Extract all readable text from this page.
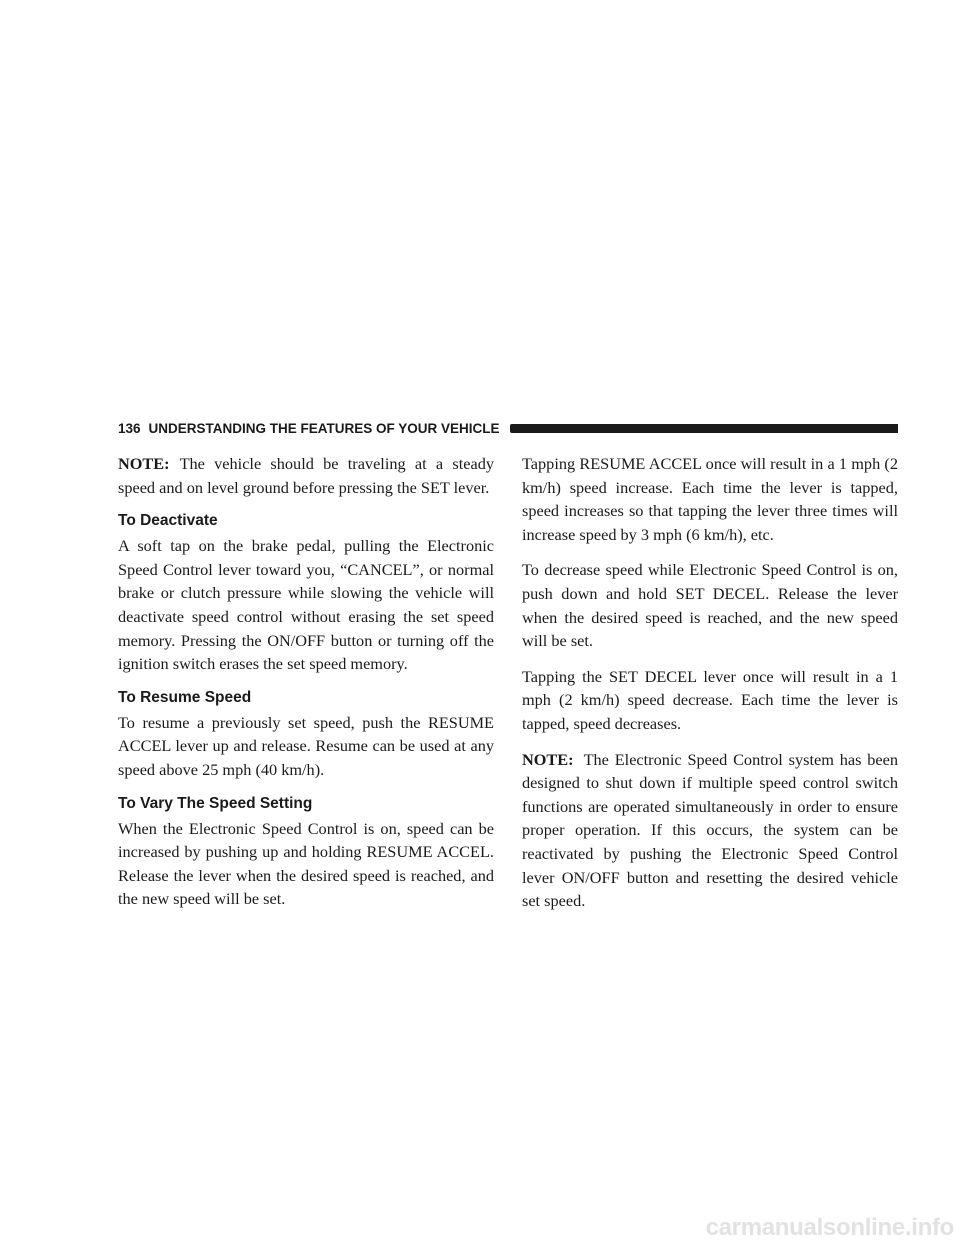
136 UNDERSTANDING THE FEATURES OF YOUR VEHICLE

NOTE: The vehicle should be traveling at a steady speed and on level ground before pressing the SET lever.

To Deactivate

A soft tap on the brake pedal, pulling the Electronic Speed Control lever toward you, “CANCEL”, or normal brake or clutch pressure while slowing the vehicle will deactivate speed control without erasing the set speed memory. Pressing the ON/OFF button or turning off the ignition switch erases the set speed memory.

To Resume Speed

To resume a previously set speed, push the RESUME ACCEL lever up and release. Resume can be used at any speed above 25 mph (40 km/h).

To Vary The Speed Setting

When the Electronic Speed Control is on, speed can be increased by pushing up and holding RESUME ACCEL. Release the lever when the desired speed is reached, and the new speed will be set.

Tapping RESUME ACCEL once will result in a 1 mph (2 km/h) speed increase. Each time the lever is tapped, speed increases so that tapping the lever three times will increase speed by 3 mph (6 km/h), etc.

To decrease speed while Electronic Speed Control is on, push down and hold SET DECEL. Release the lever when the desired speed is reached, and the new speed will be set.

Tapping the SET DECEL lever once will result in a 1 mph (2 km/h) speed decrease. Each time the lever is tapped, speed decreases.

NOTE: The Electronic Speed Control system has been designed to shut down if multiple speed control switch functions are operated simultaneously in order to ensure proper operation. If this occurs, the system can be reactivated by pushing the Electronic Speed Control lever ON/OFF button and resetting the desired vehicle set speed.

carmanualsonline.info
